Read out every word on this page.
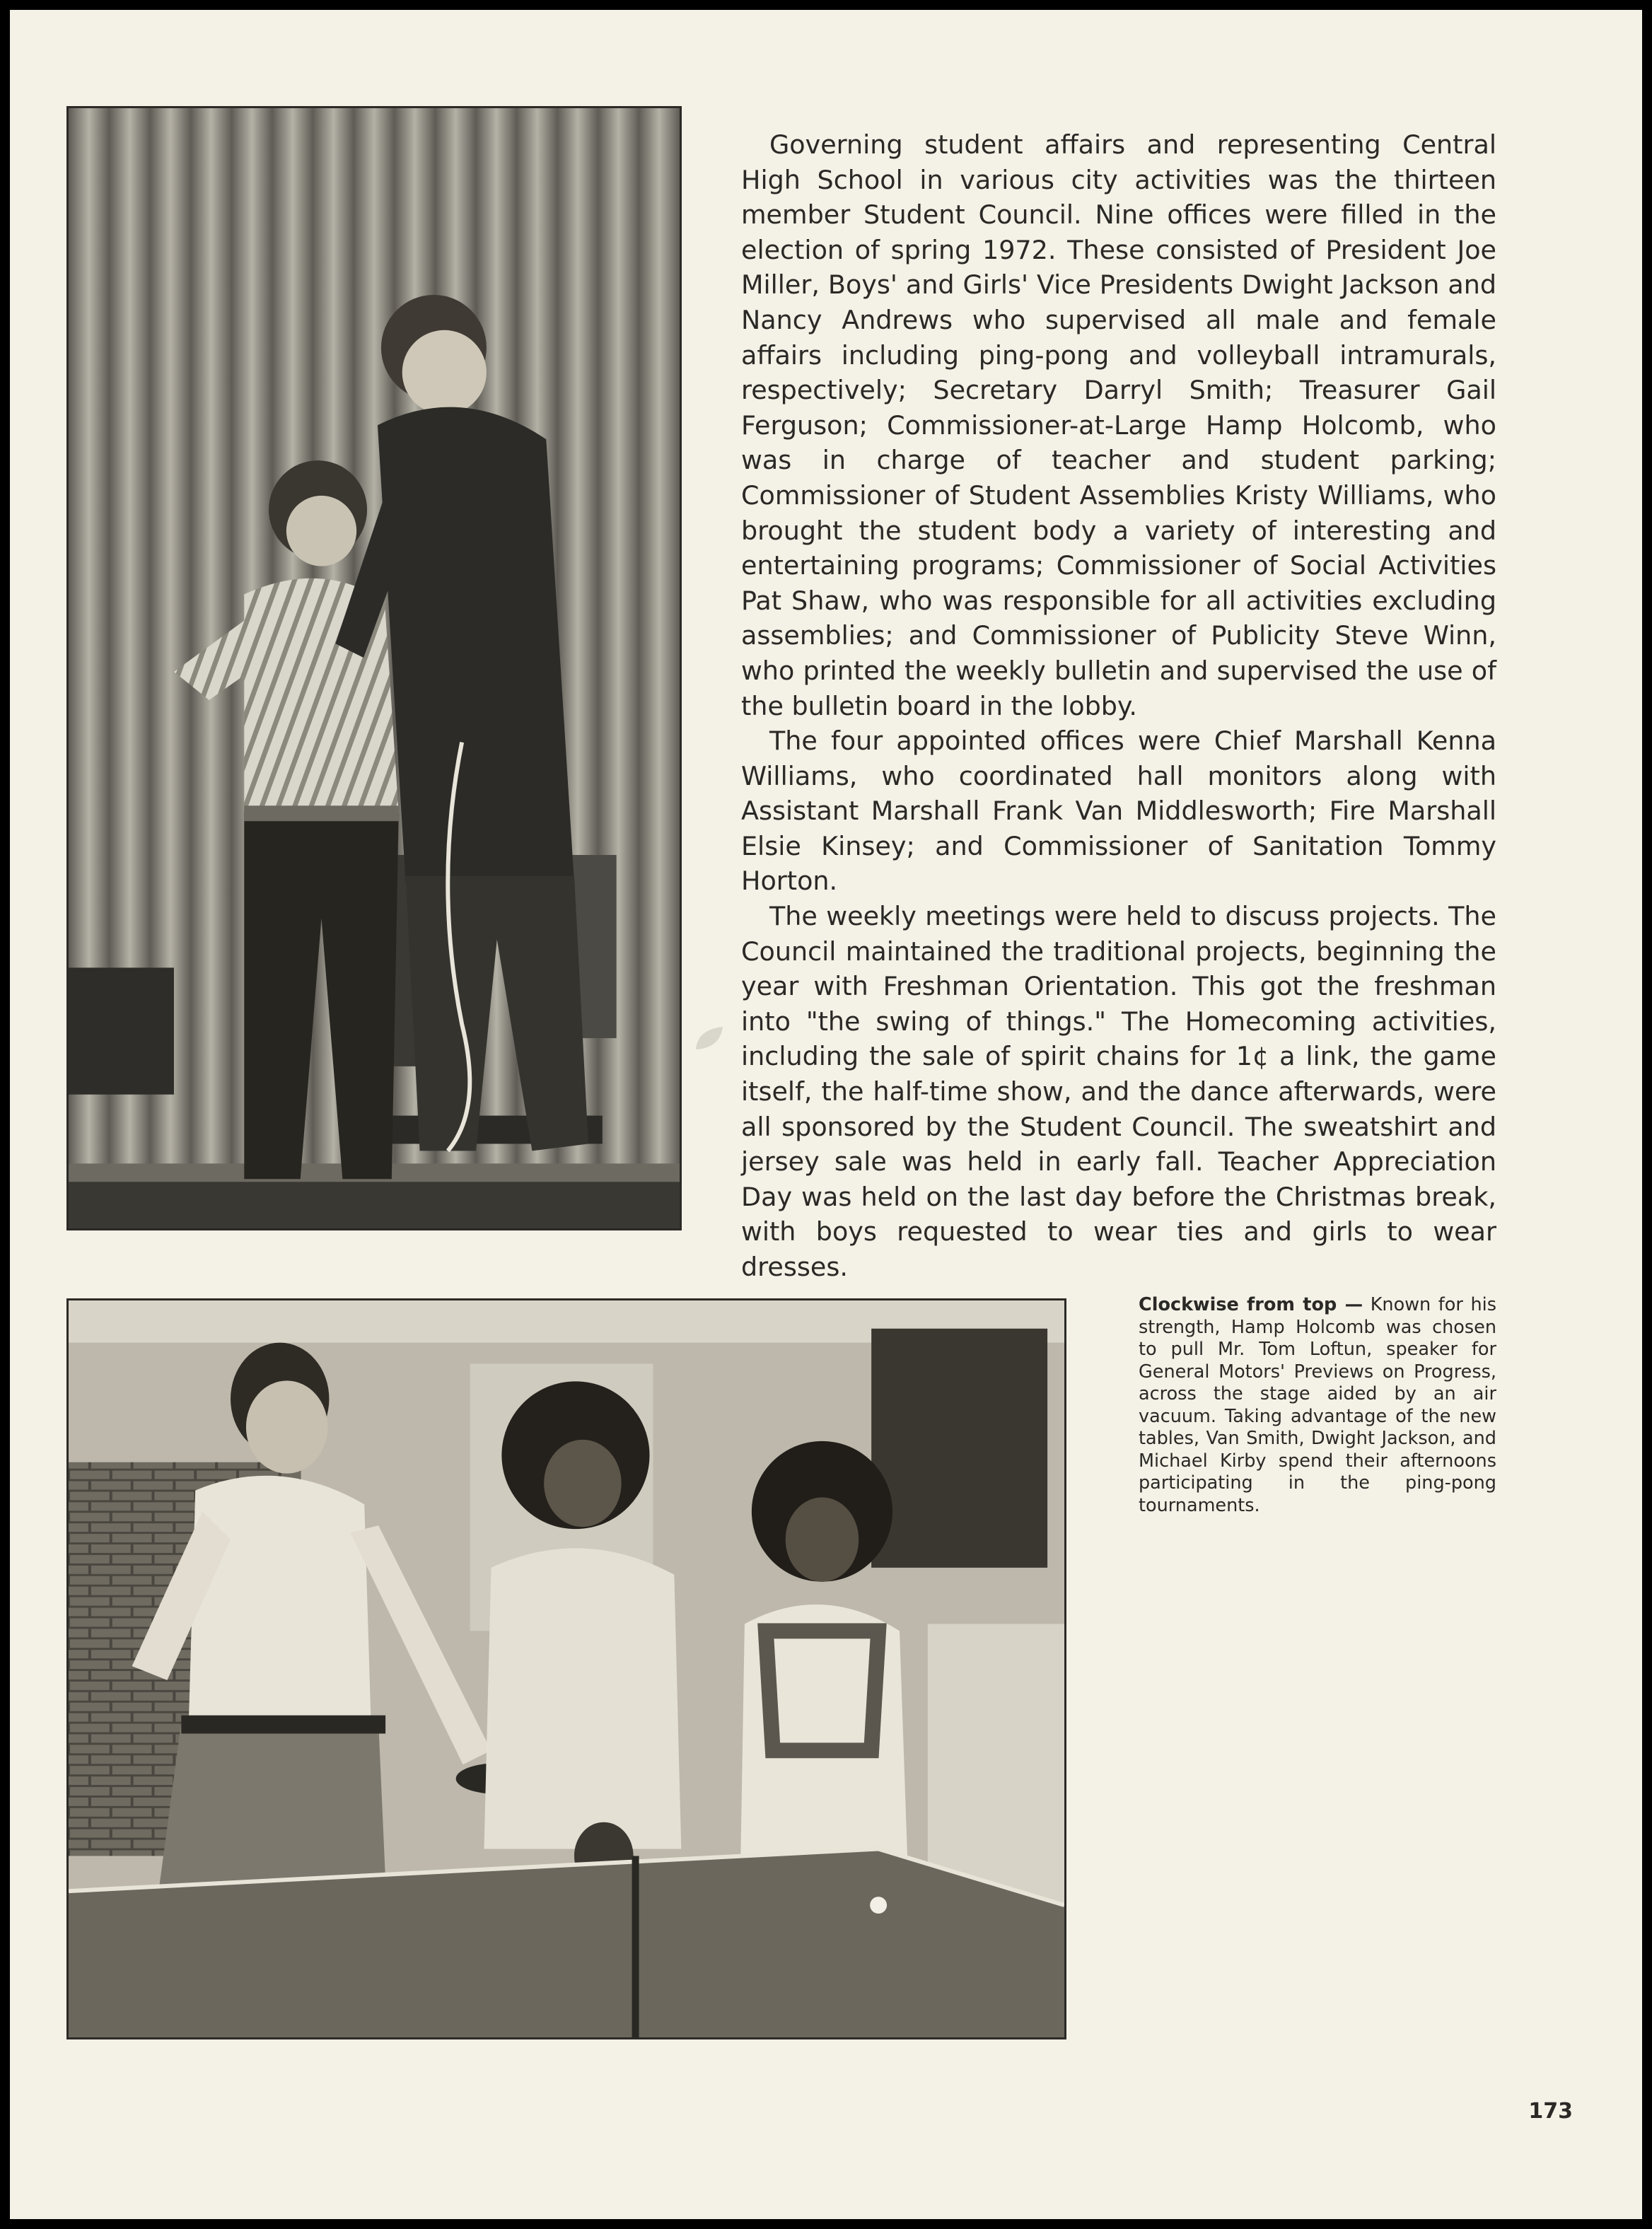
Governing student affairs and representing Central High School in various city activities was the thirteen member Student Council. Nine offices were filled in the election of spring 1972. These consisted of President Joe Miller, Boys' and Girls' Vice Presidents Dwight Jackson and Nancy Andrews who supervised all male and female affairs including ping-pong and volleyball intramurals, respectively; Secretary Darryl Smith; Treasurer Gail Ferguson; Commissioner-at-Large Hamp Holcomb, who was in charge of teacher and student parking; Commissioner of Student Assemblies Kristy Williams, who brought the student body a variety of interesting and entertaining programs; Commissioner of Social Activities Pat Shaw, who was responsible for all activities excluding assemblies; and Commissioner of Publicity Steve Winn, who printed the weekly bulletin and supervised the use of the bulletin board in the lobby.

The four appointed offices were Chief Marshall Kenna Williams, who coordinated hall monitors along with Assistant Marshall Frank Van Middlesworth; Fire Marshall Elsie Kinsey; and Commissioner of Sanitation Tommy Horton.

The weekly meetings were held to discuss projects. The Council maintained the traditional projects, beginning the year with Freshman Orientation. This got the freshman into "the swing of things." The Homecoming activities, including the sale of spirit chains for 1¢ a link, the game itself, the half-time show, and the dance afterwards, were all sponsored by the Student Council. The sweatshirt and jersey sale was held in early fall. Teacher Appreciation Day was held on the last day before the Christmas break, with boys requested to wear ties and girls to wear dresses.

Clockwise from top — Known for his strength, Hamp Holcomb was chosen to pull Mr. Tom Loftun, speaker for General Motors' Previews on Progress, across the stage aided by an air vacuum. Taking advantage of the new tables, Van Smith, Dwight Jackson, and Michael Kirby spend their afternoons participating in the ping-pong tournaments.
173
